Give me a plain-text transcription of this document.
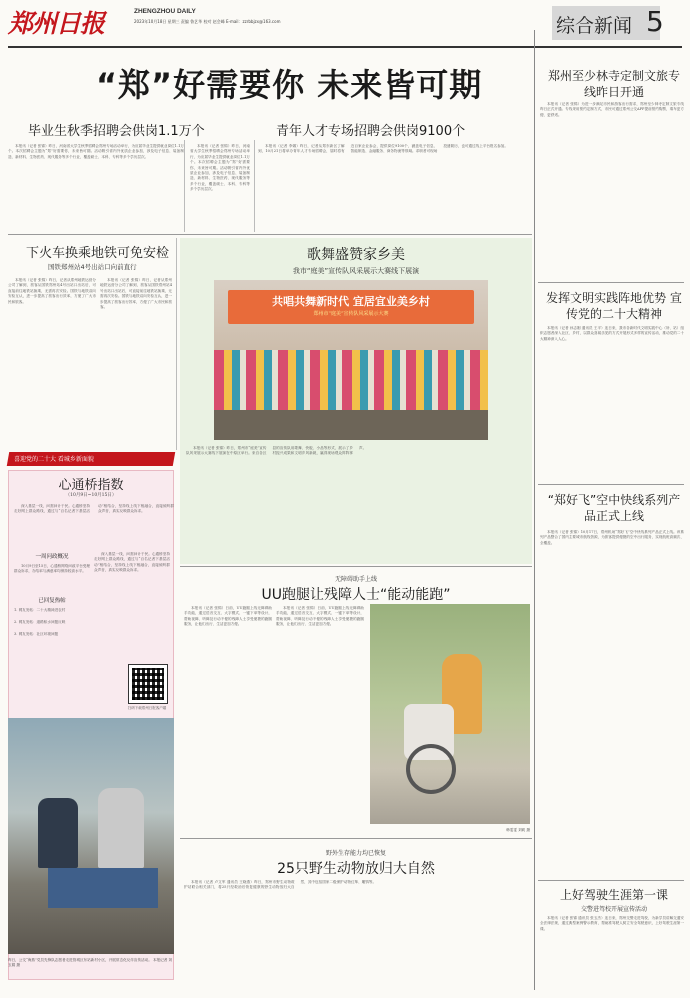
郑州日报	ZHENGZHOU DAILY
2023年10月18日 星期三 责编 鲁艺华 校对 赵会峰 E-mail：zzrbbjzx@163.com	综合新闻 5
“郑”好需要你 未来皆可期
毕业生秋季招聘会供岗1.1万个	青年人才专场招聘会供岗9100个
本报讯（记者 张锦）昨日，河南省大学生秋季招聘会郑州专场活动举行，为应届毕业生提供就业岗位1.1万个。本次招聘会主题为“郑”好需要你，未来皆可期。活动吸引省内外优质企业参加，涉及电子信息、装备制造、新材料、生物医药、现代服务等多个行业，覆盖硕士、本科、专科等多个学历层次。
本报讯（记者 张锦）昨日，河南省大学生秋季招聘会郑州专场活动举行，为应届毕业生提供就业岗位1.1万个。本次招聘会主题为“郑”好需要你，未来皆可期。活动吸引省内外优质企业参加，涉及电子信息、装备制造、新材料、生物医药、现代服务等多个行业，覆盖硕士、本科、专科等多个学历层次。
本报讯（记者 李娜）昨日，记者从郑东新区了解到，10月21日将举办青年人才专场招聘会，届时将有近百家企业参会，提供岗位9100个，涵盖电子信息、智能制造、金融服务、商务物流等领域。求职者可现场投递简历，也可通过线上平台报名参加。
下火车换乘地铁可免安检
国铁郑州站4号出站口向前直行
本报讯（记者 张锦）昨日，记者从郑州地铁运营分公司了解到，旅客从国铁郑州站4号出站口出站后，可直接前往地铁站换乘，无需再次安检。国铁与地铁双向安检互认，进一步提高了旅客出行效率，方便了广大市民和旅客。
本报讯（记者 张锦）昨日，记者从郑州地铁运营分公司了解到，旅客从国铁郑州站4号出站口出站后，可直接前往地铁站换乘，无需再次安检。国铁与地铁双向安检互认，进一步提高了旅客出行效率，方便了广大市民和旅客。
喜迎党的二十大 看城乡新面貌
心通桥指数
（10月9日~10月15日）
深入基层一线，问需问计于民。心通桥坚持走好网上群众路线，通过与“百名记者下基层活动”相结合，坚持线上线下相融合，直接倾听群众声音，真实反映群众诉求。
一周问政概况
10月9日至15日，心通桥网络问政平台受理群众诉求，办结率与满意率均保持较高水平。
已回复热帖
1. 网友发帖：二十大精神进农村
2. 网友发帖：道路积水问题反映
3. 网友发帖：社区环境问题
深入基层一线，问需问计于民。心通桥坚持走好网上群众路线，通过与“百名记者下基层活动”相结合，坚持线上线下相融合，直接倾听群众声音，真实反映群众诉求。
扫码下载郑州日报客户端
昨日，公交“海燕”党员先锋队志愿者走进管城区东站新村小区，开展常态化反诈宣传活动。 本报记者 刘玉娟 摄
歌舞盛赞家乡美
我市“庭美”宣传队风采展示大赛线下展演
共唱共舞新时代 宜居宜业美乡村
郑州市“庭美”宣传队风采展示大赛
本报讯（记者 张锦）昨日，郑州市“庭美”宣传队风采展示大赛线下展演在中原区举行。来自各区县的宣传队用歌舞、快板、小品等形式，展示了乡村振兴成果和文明乡风新貌，赢得现场观众阵阵掌声。
无障碍助手上线
UU跑腿让残障人士“能动能跑”
本报讯（记者 张锦）日前，UU跑腿上线无障碍助手功能，通过语音交互、大字模式、一键下单等设计，帮助视障、听障及行动不便的残障人士享受便捷的跑腿服务，让他们出行、生活更加方便。
本报讯（记者 张锦）日前，UU跑腿上线无障碍助手功能，通过语音交互、大字模式、一键下单等设计，帮助视障、听障及行动不便的残障人士享受便捷的跑腿服务，让他们出行、生活更加方便。
韩雯雯 刘莉 摄
野外生存能力均已恢复
25只野生动物放归大自然
本报讯（记者 卢文军 通讯员 王晓燕）昨日，郑州市野生动物救护站联合相关部门，将25只经救治后恢复健康的野生动物放归大自然，其中包括国家二级保护动物红隼、雕鸮等。
郑州至少林寺定制文旅专线昨日开通
本报讯（记者 张锦）为进一步满足市民和游客出行需求，郑州至少林寺定制文旅专线昨日正式开通。专线采用预约定制方式，市民可通过郑州公交APP提前预约购票，乘车更方便、更舒适。
发挥文明实践阵地优势 宣传党的二十大精神
本报讯（记者 孙志刚 通讯员 王平）连日来，我市各新时代文明实践中心（所、站）组织志愿者深入社区、乡村，以群众喜闻乐见的方式开展形式多样的宣传活动，推动党的二十大精神深入人心。
“郑好飞”空中快线系列产品正式上线
本报讯（记者 张锦）10月17日，郑州机场“郑好飞”空中快线系列产品正式上线。该系列产品整合了国内主要城市航线资源，为旅客提供便捷的空中出行服务，实现航班高频次、全覆盖。
上好驾驶生涯第一课
交警进驾校开展宣传活动
本报讯（记者 张锦 通讯员 张玉杰）连日来，郑州交警走进驾校，为新学员讲解交通安全法律法规，通过典型案例警示教育，帮助准驾驶人树立安全驾驶意识，上好驾驶生涯第一课。
